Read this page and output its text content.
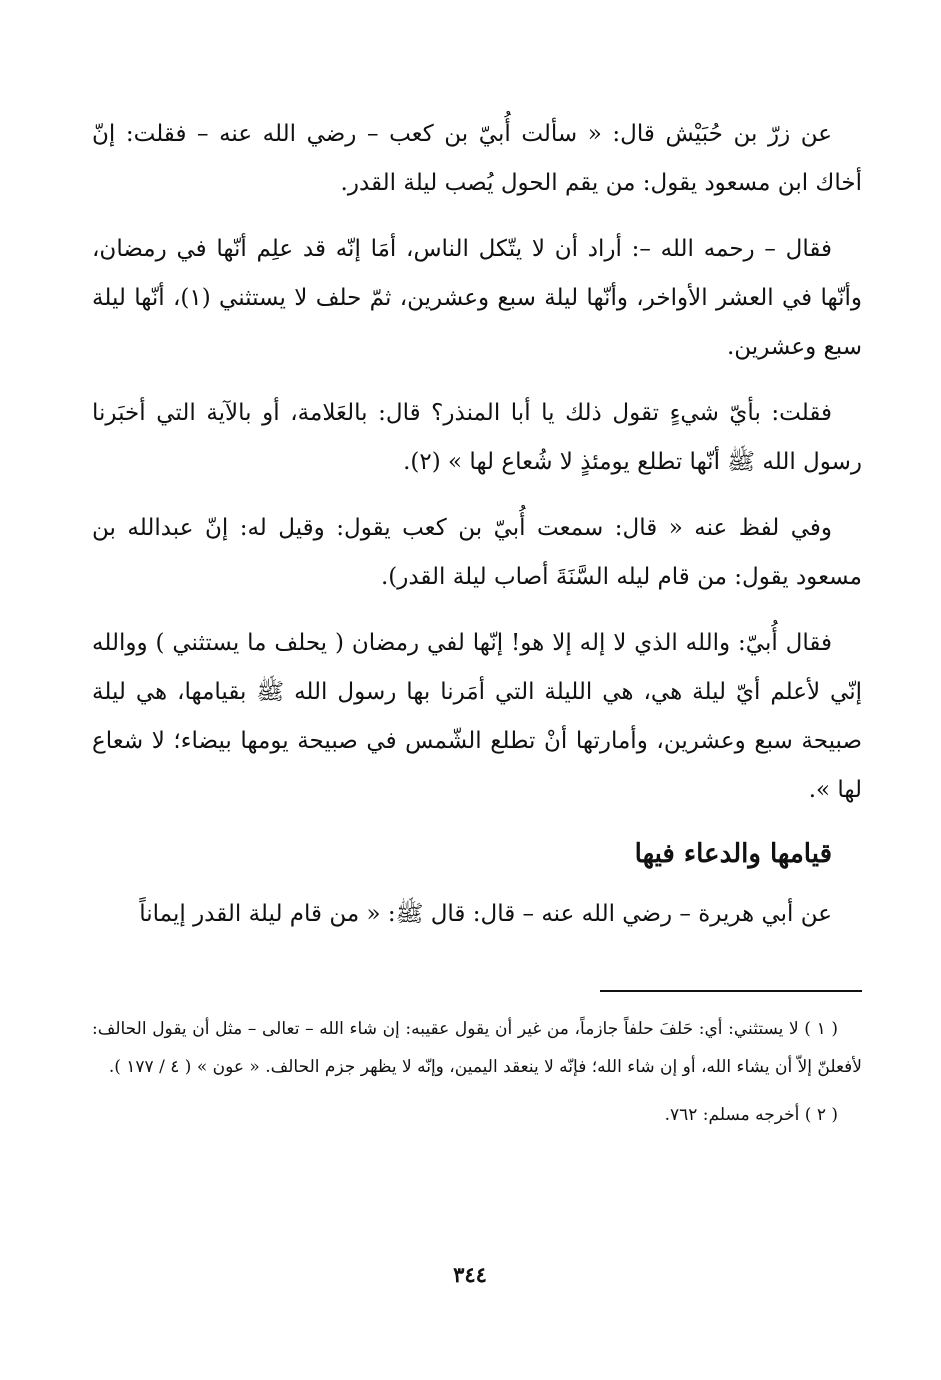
عن زرّ بن حُبَيْش قال: « سألت أُبيّ بن كعب – رضي الله عنه – فقلت: إنّ أخاك ابن مسعود يقول: من يقم الحول يُصب ليلة القدر.

فقال – رحمه الله –: أراد أن لا يتّكل الناس، أمَا إنّه قد علِم أنّها في رمضان، وأنّها في العشر الأواخر، وأنّها ليلة سبع وعشرين، ثمّ حلف لا يستثني (١)، أنّها ليلة سبع وعشرين.

فقلت: بأيّ شيءٍ تقول ذلك يا أبا المنذر؟ قال: بالعَلامة، أو بالآية التي أخبَرنا رسول الله ﷺ أنّها تطلع يومئذٍ لا شُعاع لها » (٢).

وفي لفظ عنه « قال: سمعت أُبيّ بن كعب يقول: وقيل له: إنّ عبدالله بن مسعود يقول: من قام ليله السَّنَةَ أصاب ليلة القدر).

فقال أُبيّ: والله الذي لا إله إلا هو! إنّها لفي رمضان ( يحلف ما يستثني ) ووالله إنّي لأعلم أيّ ليلة هي، هي الليلة التي أمَرنا بها رسول الله ﷺ بقيامها، هي ليلة صبيحة سبع وعشرين، وأمارتها أنْ تطلع الشّمس في صبيحة يومها بيضاء؛ لا شعاع لها ».

قيامها والدعاء فيها

عن أبي هريرة – رضي الله عنه – قال: قال ﷺ: « من قام ليلة القدر إيماناً

( ١ ) لا يستثني: أي: حَلفَ حلفاً جازماً، من غير أن يقول عقيبه: إن شاء الله – تعالى – مثل أن يقول الحالف: لأفعلنّ إلاّ أن يشاء الله، أو إن شاء الله؛ فإنّه لا ينعقد اليمين، وإنّه لا يظهر جزم الحالف. « عون » ( ٤ / ١٧٧ ).

( ٢ ) أخرجه مسلم: ٧٦٢.

٣٤٤
